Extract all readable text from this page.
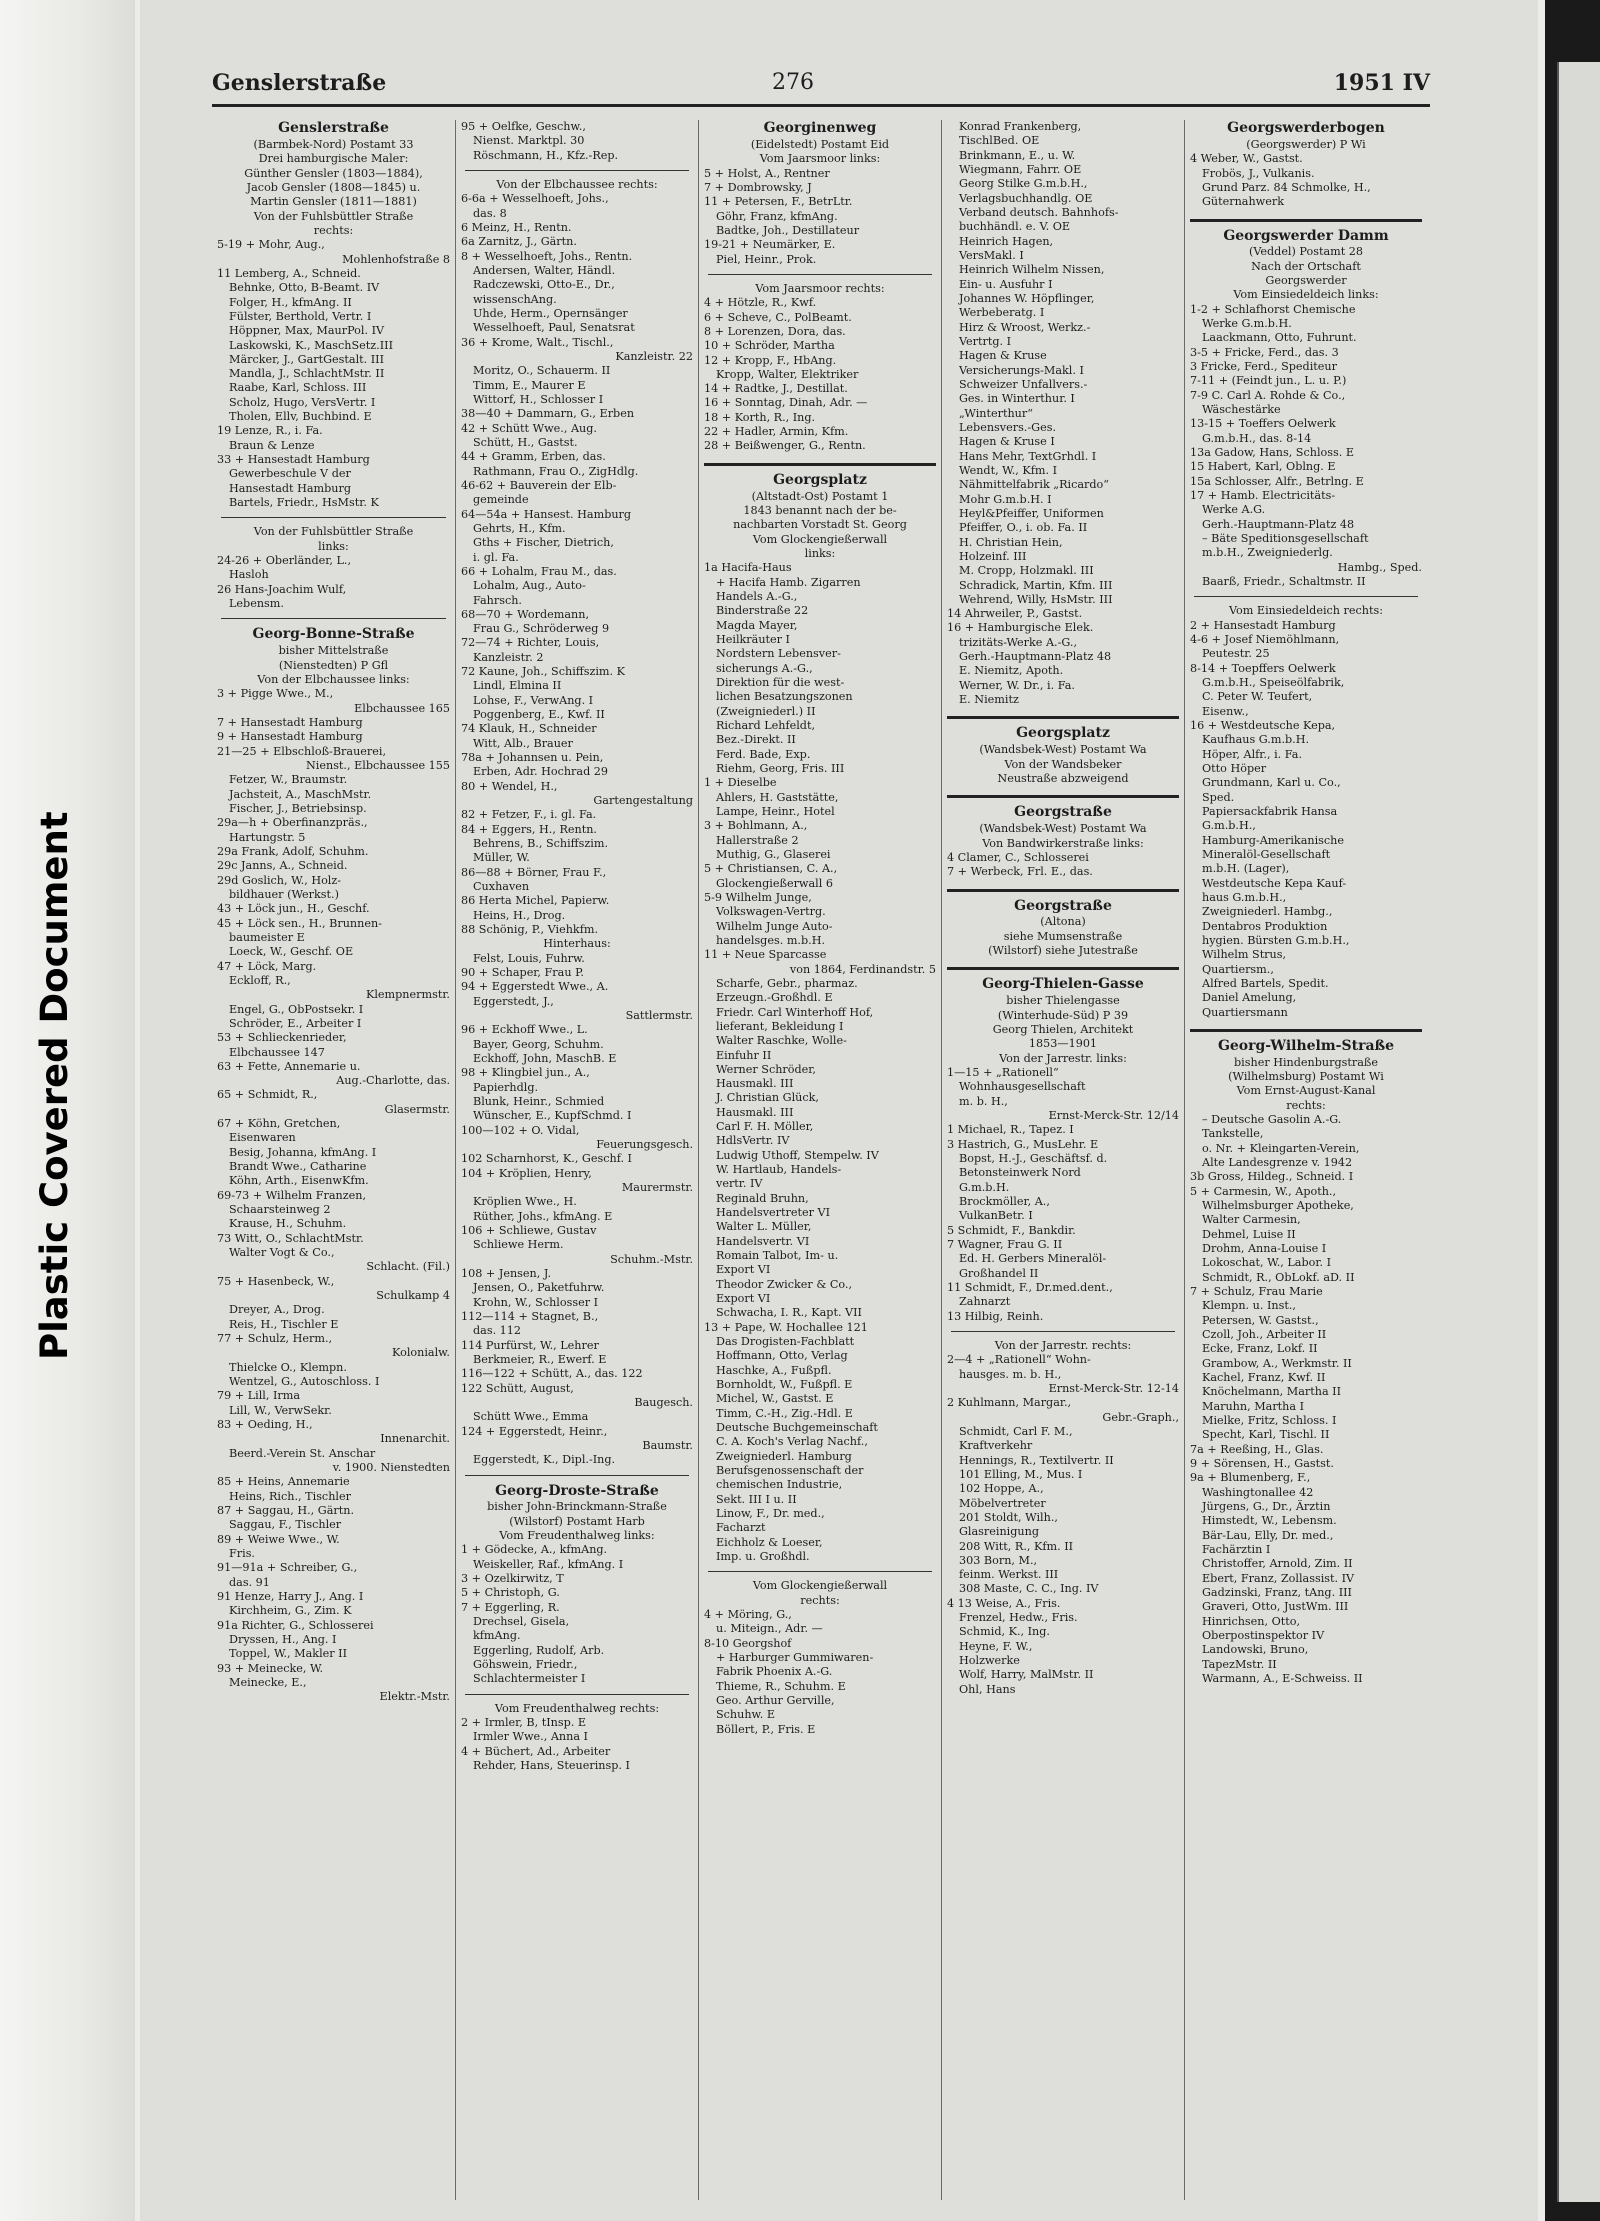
Plastic Covered Document
Genslerstraße	276	1951 IV
Genslerstraße
(Barmbek-Nord) Postamt 33
Drei hamburgische Maler:
Günther Gensler (1803—1884),
Jacob Gensler (1808—1845) u.
Martin Gensler (1811—1881)
Von der Fuhlsbüttler Straße
rechts:
5-19 + Mohr, Aug.,
Mohlenhofstraße 8
11 Lemberg, A., Schneid.
Behnke, Otto, B-Beamt. IV
Folger, H., kfmAng. II
Fülster, Berthold, Vertr. I
Höppner, Max, MaurPol. IV
Laskowski, K., MaschSetz.III
Märcker, J., GartGestalt. III
Mandla, J., SchlachtMstr. II
Raabe, Karl, Schloss. III
Scholz, Hugo, VersVertr. I
Tholen, Ellv, Buchbind. E
19 Lenze, R., i. Fa.
Braun & Lenze
33 + Hansestadt Hamburg
Gewerbeschule V der
Hansestadt Hamburg
Bartels, Friedr., HsMstr. K
Von der Fuhlsbüttler Straße
links:
24-26 + Oberländer, L.,
Hasloh
26 Hans-Joachim Wulf,
Lebensm.
Georg-Bonne-Straße
bisher Mittelstraße
(Nienstedten) P Gfl
Von der Elbchaussee links:
3 + Pigge Wwe., M.,
Elbchaussee 165
7 + Hansestadt Hamburg
9 + Hansestadt Hamburg
21—25 + Elbschloß-Brauerei,
Nienst., Elbchaussee 155
Fetzer, W., Braumstr.
Jachsteit, A., MaschMstr.
Fischer, J., Betriebsinsp.
29a—h + Oberfinanzpräs.,
Hartungstr. 5
29a Frank, Adolf, Schuhm.
29c Janns, A., Schneid.
29d Goslich, W., Holz-
bildhauer (Werkst.)
43 + Löck jun., H., Geschf.
45 + Löck sen., H., Brunnen-
baumeister E
Loeck, W., Geschf. OE
47 + Löck, Marg.
Eckloff, R.,
Klempnermstr.
Engel, G., ObPostsekr. I
Schröder, E., Arbeiter I
53 + Schlieckenrieder,
Elbchaussee 147
63 + Fette, Annemarie u.
Aug.-Charlotte, das.
65 + Schmidt, R.,
Glasermstr.
67 + Köhn, Gretchen,
Eisenwaren
Besig, Johanna, kfmAng. I
Brandt Wwe., Catharine
Köhn, Arth., EisenwKfm.
69-73 + Wilhelm Franzen,
Schaarsteinweg 2
Krause, H., Schuhm.
73 Witt, O., SchlachtMstr.
Walter Vogt & Co.,
Schlacht. (Fil.)
75 + Hasenbeck, W.,
Schulkamp 4
Dreyer, A., Drog.
Reis, H., Tischler E
77 + Schulz, Herm.,
Kolonialw.
Thielcke O., Klempn.
Wentzel, G., Autoschloss. I
79 + Lill, Irma
Lill, W., VerwSekr.
83 + Oeding, H.,
Innenarchit.
Beerd.-Verein St. Anschar
v. 1900. Nienstedten
85 + Heins, Annemarie
Heins, Rich., Tischler
87 + Saggau, H., Gärtn.
Saggau, F., Tischler
89 + Weiwe Wwe., W.
Fris.
91—91a + Schreiber, G.,
das. 91
91 Henze, Harry J., Ang. I
Kirchheim, G., Zim. K
91a Richter, G., Schlosserei
Dryssen, H., Ang. I
Toppel, W., Makler II
93 + Meinecke, W.
Meinecke, E.,
Elektr.-Mstr.
95 + Oelfke, Geschw.,
Nienst. Marktpl. 30
Röschmann, H., Kfz.-Rep.
Von der Elbchaussee rechts:
6-6a + Wesselhoeft, Johs.,
das. 8
6 Meinz, H., Rentn.
6a Zarnitz, J., Gärtn.
8 + Wesselhoeft, Johs., Rentn.
Andersen, Walter, Händl.
Radczewski, Otto-E., Dr.,
wissenschAng.
Uhde, Herm., Opernsänger
Wesselhoeft, Paul, Senatsrat
36 + Krome, Walt., Tischl.,
Kanzleistr. 22
Moritz, O., Schauerm. II
Timm, E., Maurer E
Wittorf, H., Schlosser I
38—40 + Dammarn, G., Erben
42 + Schütt Wwe., Aug.
Schütt, H., Gastst.
44 + Gramm, Erben, das.
Rathmann, Frau O., ZigHdlg.
46-62 + Bauverein der Elb-
gemeinde
64—54a + Hansest. Hamburg
Gehrts, H., Kfm.
Gths + Fischer, Dietrich,
i. gl. Fa.
66 + Lohalm, Frau M., das.
Lohalm, Aug., Auto-
Fahrsch.
68—70 + Wordemann,
Frau G., Schröderweg 9
72—74 + Richter, Louis,
Kanzleistr. 2
72 Kaune, Joh., Schiffszim. K
Lindl, Elmina II
Lohse, F., VerwAng. I
Poggenberg, E., Kwf. II
74 Klauk, H., Schneider
Witt, Alb., Brauer
78a + Johannsen u. Pein,
Erben, Adr. Hochrad 29
80 + Wendel, H.,
Gartengestaltung
82 + Fetzer, F., i. gl. Fa.
84 + Eggers, H., Rentn.
Behrens, B., Schiffszim.
Müller, W.
86—88 + Börner, Frau F.,
Cuxhaven
86 Herta Michel, Papierw.
Heins, H., Drog.
88 Schönig, P., Viehkfm.
Hinterhaus:
Felst, Louis, Fuhrw.
90 + Schaper, Frau P.
94 + Eggerstedt Wwe., A.
Eggerstedt, J.,
Sattlermstr.
96 + Eckhoff Wwe., L.
Bayer, Georg, Schuhm.
Eckhoff, John, MaschB. E
98 + Klingbiel jun., A.,
Papierhdlg.
Blunk, Heinr., Schmied
Wünscher, E., KupfSchmd. I
100—102 + O. Vidal,
Feuerungsgesch.
102 Scharnhorst, K., Geschf. I
104 + Kröplien, Henry,
Maurermstr.
Kröplien Wwe., H.
Rüther, Johs., kfmAng. E
106 + Schliewe, Gustav
Schliewe Herm.
Schuhm.-Mstr.
108 + Jensen, J.
Jensen, O., Paketfuhrw.
Krohn, W., Schlosser I
112—114 + Stagnet, B.,
das. 112
114 Purfürst, W., Lehrer
Berkmeier, R., Ewerf. E
116—122 + Schütt, A., das. 122
122 Schütt, August,
Baugesch.
Schütt Wwe., Emma
124 + Eggerstedt, Heinr.,
Baumstr.
Eggerstedt, K., Dipl.-Ing.
Georg-Droste-Straße
bisher John-Brinckmann-Straße
(Wilstorf) Postamt Harb
Vom Freudenthalweg links:
1 + Gödecke, A., kfmAng.
Weiskeller, Raf., kfmAng. I
3 + Ozelkirwitz, T
5 + Christoph, G.
7 + Eggerling, R.
Drechsel, Gisela,
kfmAng.
Eggerling, Rudolf, Arb.
Göhswein, Friedr.,
Schlachtermeister I
Vom Freudenthalweg rechts:
2 + Irmler, B, tInsp. E
Irmler Wwe., Anna I
4 + Büchert, Ad., Arbeiter
Rehder, Hans, Steuerinsp. I
Georginenweg
(Eidelstedt) Postamt Eid
Vom Jaarsmoor links:
5 + Holst, A., Rentner
7 + Dombrowsky, J
11 + Petersen, F., BetrLtr.
Göhr, Franz, kfmAng.
Badtke, Joh., Destillateur
19-21 + Neumärker, E.
Piel, Heinr., Prok.
Vom Jaarsmoor rechts:
4 + Hötzle, R., Kwf.
6 + Scheve, C., PolBeamt.
8 + Lorenzen, Dora, das.
10 + Schröder, Martha
12 + Kropp, F., HbAng.
Kropp, Walter, Elektriker
14 + Radtke, J., Destillat.
16 + Sonntag, Dinah, Adr. —
18 + Korth, R., Ing.
22 + Hadler, Armin, Kfm.
28 + Beißwenger, G., Rentn.
Georgsplatz
(Altstadt-Ost) Postamt 1
1843 benannt nach der be-
nachbarten Vorstadt St. Georg
Vom Glockengießerwall
links:
1a Hacifa-Haus
+ Hacifa Hamb. Zigarren
Handels A.-G.,
Binderstraße 22
Magda Mayer,
Heilkräuter I
Nordstern Lebensver-
sicherungs A.-G.,
Direktion für die west-
lichen Besatzungszonen
(Zweigniederl.) II
Richard Lehfeldt,
Bez.-Direkt. II
Ferd. Bade, Exp.
Riehm, Georg, Fris. III
1 + Dieselbe
Ahlers, H. Gaststätte,
Lampe, Heinr., Hotel
3 + Bohlmann, A.,
Hallerstraße 2
Muthig, G., Glaserei
5 + Christiansen, C. A.,
Glockengießerwall 6
5-9 Wilhelm Junge,
Volkswagen-Vertrg.
Wilhelm Junge Auto-
handelsges. m.b.H.
11 + Neue Sparcasse
von 1864, Ferdinandstr. 5
Scharfe, Gebr., pharmaz.
Erzeugn.-Großhdl. E
Friedr. Carl Winterhoff Hof,
lieferant, Bekleidung I
Walter Raschke, Wolle-
Einfuhr II
Werner Schröder,
Hausmakl. III
J. Christian Glück,
Hausmakl. III
Carl F. H. Möller,
HdlsVertr. IV
Ludwig Uthoff, Stempelw. IV
W. Hartlaub, Handels-
vertr. IV
Reginald Bruhn,
Handelsvertreter VI
Walter L. Müller,
Handelsvertr. VI
Romain Talbot, Im- u.
Export VI
Theodor Zwicker & Co.,
Export VI
Schwacha, I. R., Kapt. VII
13 + Pape, W. Hochallee 121
Das Drogisten-Fachblatt
Hoffmann, Otto, Verlag
Haschke, A., Fußpfl.
Bornholdt, W., Fußpfl. E
Michel, W., Gastst. E
Timm, C.-H., Zig.-Hdl. E
Deutsche Buchgemeinschaft
C. A. Koch's Verlag Nachf.,
Zweigniederl. Hamburg
Berufsgenossenschaft der
chemischen Industrie,
Sekt. III I u. II
Linow, F., Dr. med.,
Facharzt
Eichholz & Loeser,
Imp. u. Großhdl.
Vom Glockengießerwall
rechts:
4 + Möring, G.,
u. Miteign., Adr. —
8-10 Georgshof
+ Harburger Gummiwaren-
Fabrik Phoenix A.-G.
Thieme, R., Schuhm. E
Geo. Arthur Gerville,
Schuhw. E
Böllert, P., Fris. E
Konrad Frankenberg,
TischlBed. OE
Brinkmann, E., u. W.
Wiegmann, Fahrr. OE
Georg Stilke G.m.b.H.,
Verlagsbuchhandlg. OE
Verband deutsch. Bahnhofs-
buchhändl. e. V. OE
Heinrich Hagen,
VersMakl. I
Heinrich Wilhelm Nissen,
Ein- u. Ausfuhr I
Johannes W. Höpflinger,
Werbeberatg. I
Hirz & Wroost, Werkz.-
Vertrtg. I
Hagen & Kruse
Versicherungs-Makl. I
Schweizer Unfallvers.-
Ges. in Winterthur. I
„Winterthur“
Lebensvers.-Ges.
Hagen & Kruse I
Hans Mehr, TextGrhdl. I
Wendt, W., Kfm. I
Nähmittelfabrik „Ricardo“
Mohr G.m.b.H. I
Heyl&Pfeiffer, Uniformen
Pfeiffer, O., i. ob. Fa. II
H. Christian Hein,
Holzeinf. III
M. Cropp, Holzmakl. III
Schradick, Martin, Kfm. III
Wehrend, Willy, HsMstr. III
14 Ahrweiler, P., Gastst.
16 + Hamburgische Elek.
trizitäts-Werke A.-G.,
Gerh.-Hauptmann-Platz 48
E. Niemitz, Apoth.
Werner, W. Dr., i. Fa.
E. Niemitz
Georgsplatz
(Wandsbek-West) Postamt Wa
Von der Wandsbeker
Neustraße abzweigend
Georgstraße
(Wandsbek-West) Postamt Wa
Von Bandwirkerstraße links:
4 Clamer, C., Schlosserei
7 + Werbeck, Frl. E., das.
Georgstraße
(Altona)
siehe Mumsenstraße
(Wilstorf) siehe Jutestraße
Georg-Thielen-Gasse
bisher Thielengasse
(Winterhude-Süd) P 39
Georg Thielen, Architekt
1853—1901
Von der Jarrestr. links:
1—15 + „Rationell“
Wohnhausgesellschaft
m. b. H.,
Ernst-Merck-Str. 12/14
1 Michael, R., Tapez. I
3 Hastrich, G., MusLehr. E
Bopst, H.-J., Geschäftsf. d.
Betonsteinwerk Nord
G.m.b.H.
Brockmöller, A.,
VulkanBetr. I
5 Schmidt, F., Bankdir.
7 Wagner, Frau G. II
Ed. H. Gerbers Mineralöl-
Großhandel II
11 Schmidt, F., Dr.med.dent.,
Zahnarzt
13 Hilbig, Reinh.
Von der Jarrestr. rechts:
2—4 + „Rationell“ Wohn-
hausges. m. b. H.,
Ernst-Merck-Str. 12-14
2 Kuhlmann, Margar.,
Gebr.-Graph.,
Schmidt, Carl F. M.,
Kraftverkehr
Hennings, R., Textilvertr. II
101 Elling, M., Mus. I
102 Hoppe, A.,
Möbelvertreter
201 Stoldt, Wilh.,
Glasreinigung
208 Witt, R., Kfm. II
303 Born, M.,
feinm. Werkst. III
308 Maste, C. C., Ing. IV
4 13 Weise, A., Fris.
Frenzel, Hedw., Fris.
Schmid, K., Ing.
Heyne, F. W.,
Holzwerke
Wolf, Harry, MalMstr. II
Ohl, Hans
Georgswerderbogen
(Georgswerder) P Wi
4 Weber, W., Gastst.
Frobös, J., Vulkanis.
Grund Parz. 84 Schmolke, H.,
Güternahwerk
Georgswerder Damm
(Veddel) Postamt 28
Nach der Ortschaft
Georgswerder
Vom Einsiedeldeich links:
1-2 + Schlafhorst Chemische
Werke G.m.b.H.
Laackmann, Otto, Fuhrunt.
3-5 + Fricke, Ferd., das. 3
3 Fricke, Ferd., Spediteur
7-11 + (Feindt jun., L. u. P.)
7-9 C. Carl A. Rohde & Co.,
Wäschestärke
13-15 + Toeffers Oelwerk
G.m.b.H., das. 8-14
13a Gadow, Hans, Schloss. E
15 Habert, Karl, Oblng. E
15a Schlosser, Alfr., Betrlng. E
17 + Hamb. Electricitäts-
Werke A.G.
Gerh.-Hauptmann-Platz 48
– Bäte Speditionsgesellschaft
m.b.H., Zweigniederlg.
Hambg., Sped.
Baarß, Friedr., Schaltmstr. II
Vom Einsiedeldeich rechts:
2 + Hansestadt Hamburg
4-6 + Josef Niemöhlmann,
Peutestr. 25
8-14 + Toepffers Oelwerk
G.m.b.H., Speiseölfabrik,
C. Peter W. Teufert,
Eisenw.,
16 + Westdeutsche Kepa,
Kaufhaus G.m.b.H.
Höper, Alfr., i. Fa.
Otto Höper
Grundmann, Karl u. Co.,
Sped.
Papiersackfabrik Hansa
G.m.b.H.,
Hamburg-Amerikanische
Mineralöl-Gesellschaft
m.b.H. (Lager),
Westdeutsche Kepa Kauf-
haus G.m.b.H.,
Zweigniederl. Hambg.,
Dentabros Produktion
hygien. Bürsten G.m.b.H.,
Wilhelm Strus,
Quartiersm.,
Alfred Bartels, Spedit.
Daniel Amelung,
Quartiersmann
Georg-Wilhelm-Straße
bisher Hindenburgstraße
(Wilhelmsburg) Postamt Wi
Vom Ernst-August-Kanal
rechts:
– Deutsche Gasolin A.-G.
Tankstelle,
o. Nr. + Kleingarten-Verein,
Alte Landesgrenze v. 1942
3b Gross, Hildeg., Schneid. I
5 + Carmesin, W., Apoth.,
Wilhelmsburger Apotheke,
Walter Carmesin,
Dehmel, Luise II
Drohm, Anna-Louise I
Lokoschat, W., Labor. I
Schmidt, R., ObLokf. aD. II
7 + Schulz, Frau Marie
Klempn. u. Inst.,
Petersen, W. Gastst.,
Czoll, Joh., Arbeiter II
Ecke, Franz, Lokf. II
Grambow, A., Werkmstr. II
Kachel, Franz, Kwf. II
Knöchelmann, Martha II
Maruhn, Martha I
Mielke, Fritz, Schloss. I
Specht, Karl, Tischl. II
7a + Reeßing, H., Glas.
9 + Sörensen, H., Gastst.
9a + Blumenberg, F.,
Washingtonallee 42
Jürgens, G., Dr., Ärztin
Himstedt, W., Lebensm.
Bär-Lau, Elly, Dr. med.,
Fachärztin I
Christoffer, Arnold, Zim. II
Ebert, Franz, Zollassist. IV
Gadzinski, Franz, tAng. III
Graveri, Otto, JustWm. III
Hinrichsen, Otto,
Oberpostinspektor IV
Landowski, Bruno,
TapezMstr. II
Warmann, A., E-Schweiss. II
